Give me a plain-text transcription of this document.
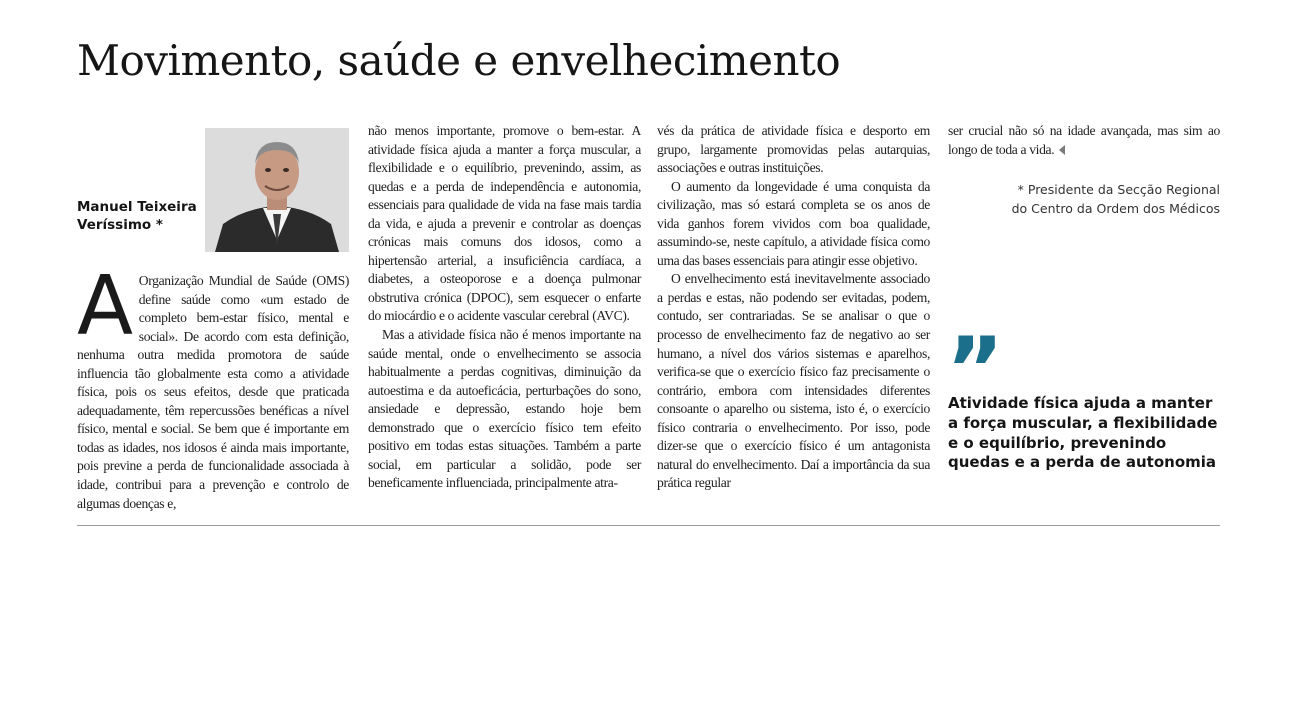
Movimento, saúde e envelhecimento
Manuel Teixeira
Veríssimo *

A Organização Mundial de Saúde (OMS) define saúde como «um estado de completo bem-estar físico, mental e social». De acordo com esta definição, nenhuma outra medida promotora de saúde influencia tão globalmente esta como a atividade física, pois os seus efeitos, desde que praticada adequadamente, têm repercussões benéficas a nível físico, mental e social. Se bem que é importante em todas as idades, nos idosos é ainda mais importante, pois previne a perda de funcionalidade associada à idade, contribui para a prevenção e controlo de algumas doenças e,

não menos importante, promove o bem-estar. A atividade física ajuda a manter a força muscular, a flexibilidade e o equilíbrio, prevenindo, assim, as quedas e a perda de independência e autonomia, essenciais para qualidade de vida na fase mais tardia da vida, e ajuda a prevenir e controlar as doenças crónicas mais comuns dos idosos, como a hipertensão arterial, a insuficiência cardíaca, a diabetes, a osteoporose e a doença pulmonar obstrutiva crónica (DPOC), sem esquecer o enfarte do miocárdio e o acidente vascular cerebral (AVC).

Mas a atividade física não é menos importante na saúde mental, onde o envelhecimento se associa habitualmente a perdas cognitivas, diminuição da autoestima e da autoeficácia, perturbações do sono, ansiedade e depressão, estando hoje bem demonstrado que o exercício físico tem efeito positivo em todas estas situações. Também a parte social, em particular a solidão, pode ser beneficamente influenciada, principalmente atra-

vés da prática de atividade física e desporto em grupo, largamente promovidas pelas autarquias, associações e outras instituições.

O aumento da longevidade é uma conquista da civilização, mas só estará completa se os anos de vida ganhos forem vividos com boa qualidade, assumindo-se, neste capítulo, a atividade física como uma das bases essenciais para atingir esse objetivo.

O envelhecimento está inevitavelmente associado a perdas e estas, não podendo ser evitadas, podem, contudo, ser contrariadas. Se se analisar o que o processo de envelhecimento faz de negativo ao ser humano, a nível dos vários sistemas e aparelhos, verifica-se que o exercício físico faz precisamente o contrário, embora com intensidades diferentes consoante o aparelho ou sistema, isto é, o exercício físico contraria o envelhecimento. Por isso, pode dizer-se que o exercício físico é um antagonista natural do envelhecimento. Daí a importância da sua prática regular

ser crucial não só na idade avançada, mas sim ao longo de toda a vida.

* Presidente da Secção Regional
do Centro da Ordem dos Médicos
”
Atividade física ajuda a manter a força muscular, a flexibilidade e o equilíbrio, prevenindo quedas e a perda de autonomia
